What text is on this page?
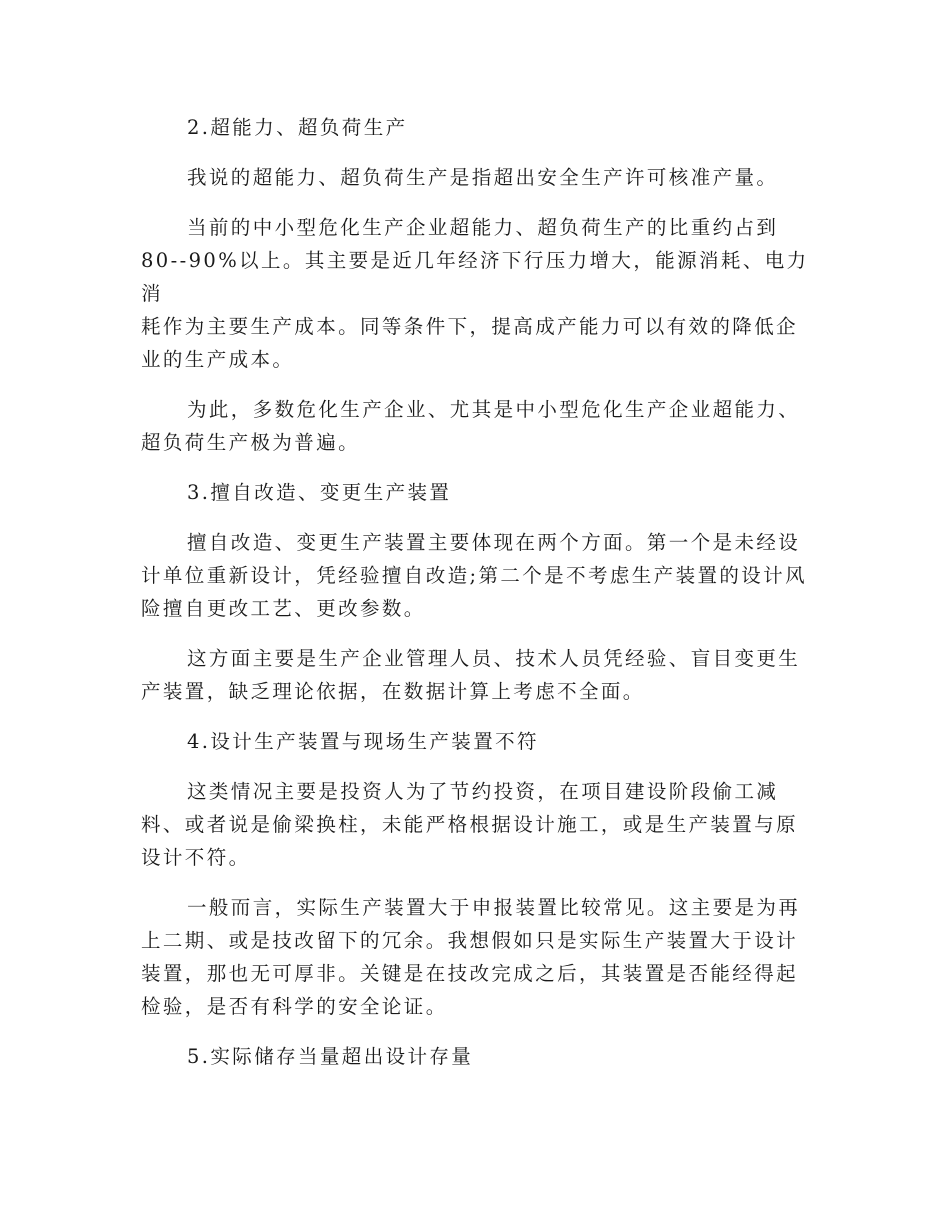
2.超能力、超负荷生产
我说的超能力、超负荷生产是指超出安全生产许可核准产量。
当前的中小型危化生产企业超能力、超负荷生产的比重约占到
80--90%以上。其主要是近几年经济下行压力增大，能源消耗、电力消
耗作为主要生产成本。同等条件下，提高成产能力可以有效的降低企
业的生产成本。
为此，多数危化生产企业、尤其是中小型危化生产企业超能力、
超负荷生产极为普遍。
3.擅自改造、变更生产装置
擅自改造、变更生产装置主要体现在两个方面。第一个是未经设
计单位重新设计，凭经验擅自改造;第二个是不考虑生产装置的设计风
险擅自更改工艺、更改参数。
这方面主要是生产企业管理人员、技术人员凭经验、盲目变更生
产装置，缺乏理论依据，在数据计算上考虑不全面。
4.设计生产装置与现场生产装置不符
这类情况主要是投资人为了节约投资，在项目建设阶段偷工减
料、或者说是偷梁换柱，未能严格根据设计施工，或是生产装置与原
设计不符。
一般而言，实际生产装置大于申报装置比较常见。这主要是为再
上二期、或是技改留下的冗余。我想假如只是实际生产装置大于设计
装置，那也无可厚非。关键是在技改完成之后，其装置是否能经得起
检验，是否有科学的安全论证。
5.实际储存当量超出设计存量
